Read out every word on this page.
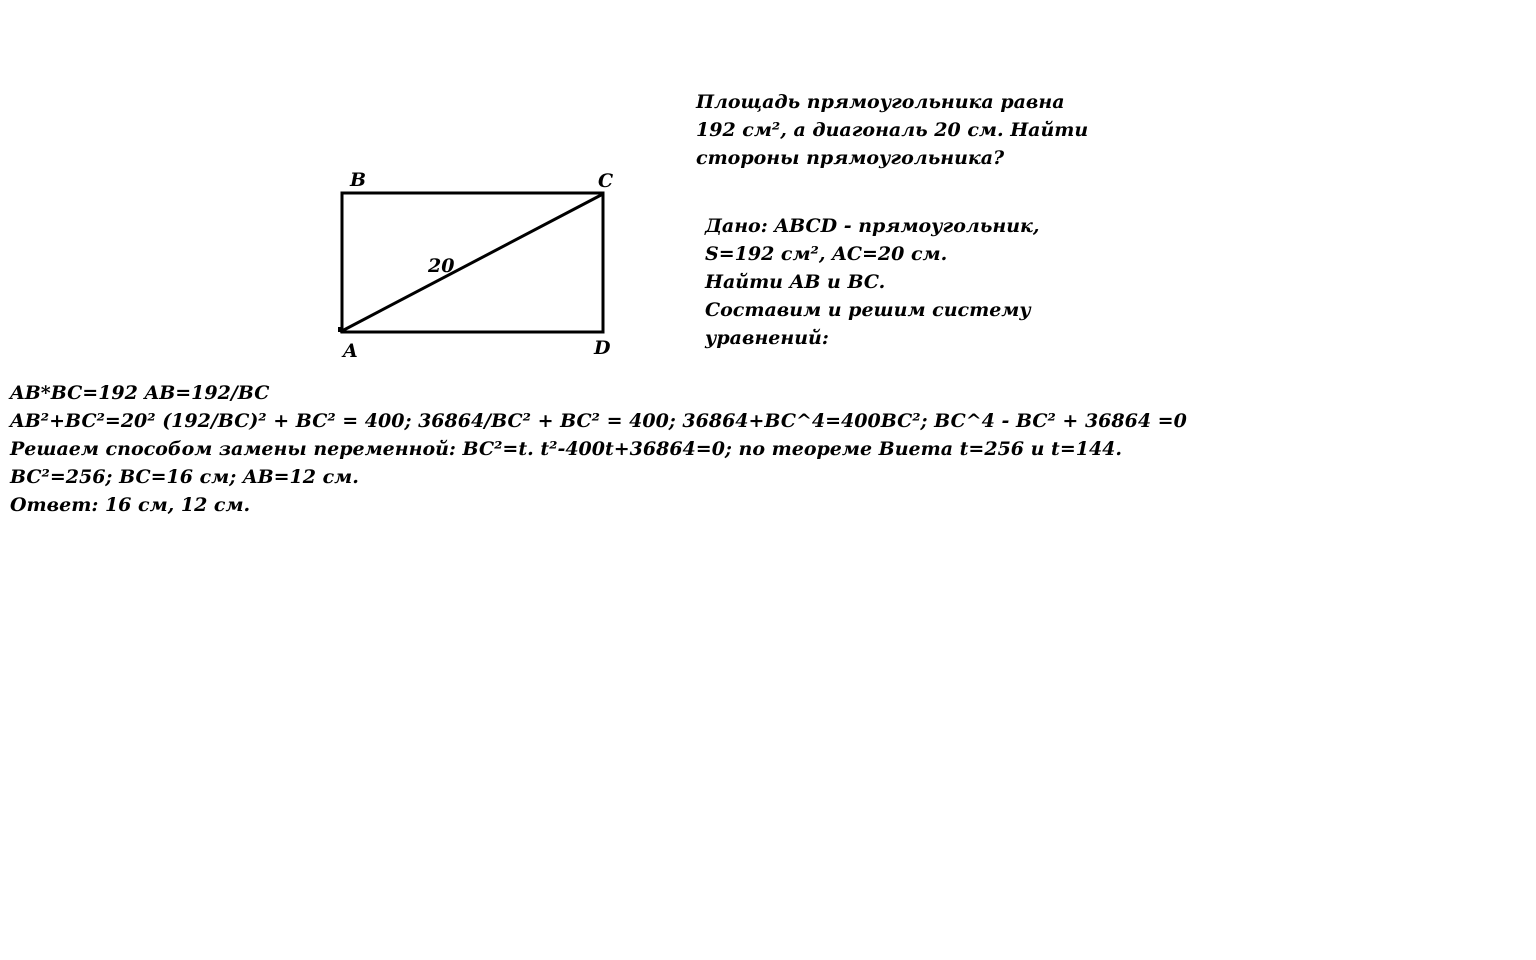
B	C
A	D
20

Площадь прямоугольника равна

192 см², а диагональ 20 см. Найти

стороны прямоугольника?

Дано: ABCD - прямоугольник,

S=192 см², AC=20 см.

Найти AB и BC.

Составим и решим систему

уравнений:

AB*BC=192 AB=192/BC

AB²+BC²=20² (192/BC)² + BC² = 400; 36864/BC² + BC² = 400; 36864+BC^4=400BC²; BC^4 - BC² + 36864 =0

Решаем способом замены переменной: BC²=t. t²-400t+36864=0; по теореме Виета t=256 и t=144.

BC²=256; BC=16 см; AB=12 см.

Ответ: 16 см, 12 см.
